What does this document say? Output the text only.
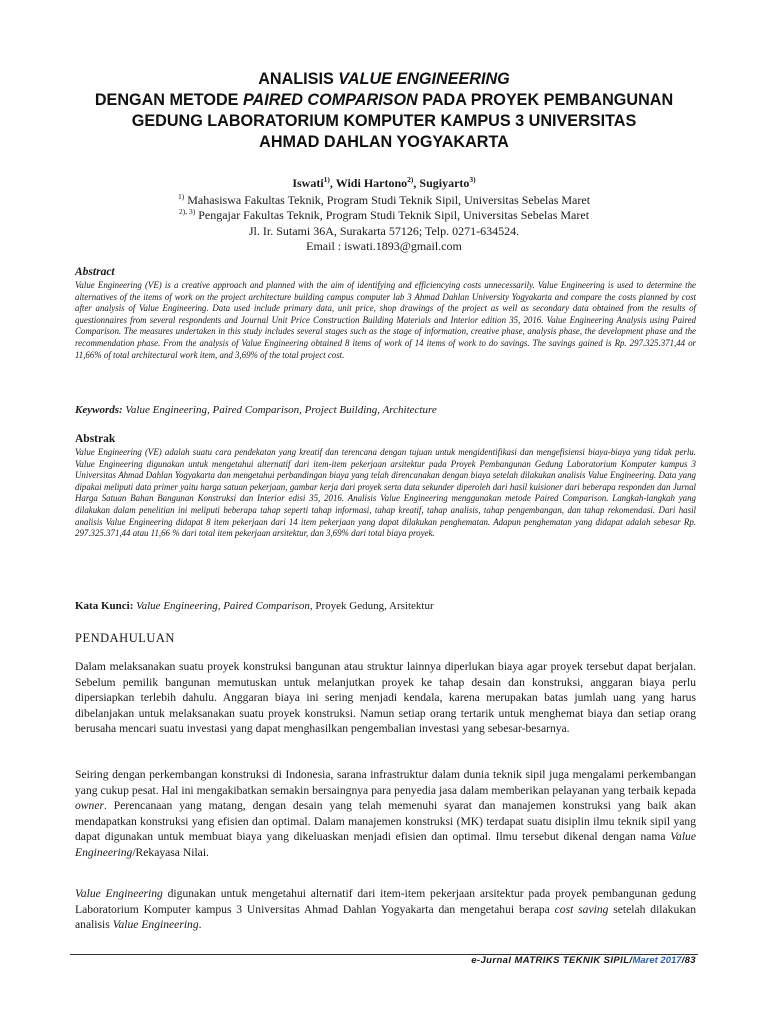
ANALISIS VALUE ENGINEERING
DENGAN METODE PAIRED COMPARISON PADA PROYEK PEMBANGUNAN
GEDUNG LABORATORIUM KOMPUTER KAMPUS 3 UNIVERSITAS
AHMAD DAHLAN YOGYAKARTA
Iswati$^{1)}$, Widi Hartono$^{2)}$, Sugiyarto$^{3)}$
$^{1)}$ Mahasiswa Fakultas Teknik, Program Studi Teknik Sipil, Universitas Sebelas Maret
$^{2), 3)}$ Pengajar Fakultas Teknik, Program Studi Teknik Sipil, Universitas Sebelas Maret
Jl. Ir. Sutami 36A, Surakarta 57126; Telp. 0271-634524.
Email : iswati.1893@gmail.com
Abstract
Value Engineering (VE) is a creative approach and planned with the aim of identifying and efficiencying costs unnecessarily. Value Engineering is used to determine the alternatives of the items of work on the project architecture building campus computer lab 3 Ahmad Dahlan University Yogyakarta and compare the costs planned by cost after analysis of Value Engineering. Data used include primary data, unit price, shop drawings of the project as well as secondary data obtained from the results of questionnaires from several respondents and Journal Unit Price Construction Building Materials and Interior edition 35, 2016. Value Engineering Analysis using Paired Comparison. The measures undertaken in this study includes several stages such as the stage of information, creative phase, analysis phase, the development phase and the recommendation phase. From the analysis of Value Engineering obtained 8 items of work of 14 items of work to do savings. The savings gained is Rp. 297.325.371,44 or 11,66% of total architectural work item, and 3,69% of the total project cost.
Keywords: Value Engineering, Paired Comparison, Project Building, Architecture
Abstrak
Value Engineering (VE) adalah suatu cara pendekatan yang kreatif dan terencana dengan tujuan untuk mengidentifikasi dan mengefisiensi biaya-biaya yang tidak perlu. Value Engineering digunakan untuk mengetahui alternatif dari item-item pekerjaan arsitektur pada Proyek Pembangunan Gedung Laboratorium Komputer kampus 3 Universitas Ahmad Dahlan Yogyakarta dan mengetahui perbandingan biaya yang telah direncanakan dengan biaya setelah dilakukan analisis Value Engineering. Data yang dipakai meliputi data primer yaitu harga satuan pekerjaan, gambar kerja dari proyek serta data sekunder diperoleh dari hasil kuisioner dari beberapa responden dan Jurnal Harga Satuan Bahan Bangunan Konstruksi dan Interior edisi 35, 2016. Analisis Value Engineering menggunakan metode Paired Comparison. Langkah-langkah yang dilakukan dalam penelitian ini meliputi beberapa tahap seperti tahap informasi, tahap kreatif, tahap analisis, tahap pengembangan, dan tahap rekomendasi. Dari hasil analisis Value Engineering didapat 8 item pekerjaan dari 14 item pekerjaan yang dapat dilakukan penghematan. Adapun penghematan yang didapat adalah sebesar Rp. 297.325.371,44 atau 11,66 % dari total item pekerjaan arsitektur, dan 3,69% dari total biaya proyek.
Kata Kunci: Value Engineering, Paired Comparison, Proyek Gedung, Arsitektur
PENDAHULUAN
Dalam melaksanakan suatu proyek konstruksi bangunan atau struktur lainnya diperlukan biaya agar proyek tersebut dapat berjalan. Sebelum pemilik bangunan memutuskan untuk melanjutkan proyek ke tahap desain dan konstruksi, anggaran biaya perlu dipersiapkan terlebih dahulu. Anggaran biaya ini sering menjadi kendala, karena merupakan batas jumlah uang yang harus dibelanjakan untuk melaksanakan suatu proyek konstruksi. Namun setiap orang tertarik untuk menghemat biaya dan setiap orang berusaha mencari suatu investasi yang dapat menghasilkan pengembalian investasi yang sebesar-besarnya.
Seiring dengan perkembangan konstruksi di Indonesia, sarana infrastruktur dalam dunia teknik sipil juga mengalami perkembangan yang cukup pesat. Hal ini mengakibatkan semakin bersaingnya para penyedia jasa dalam memberikan pelayanan yang terbaik kepada owner. Perencanaan yang matang, dengan desain yang telah memenuhi syarat dan manajemen konstruksi yang baik akan mendapatkan konstruksi yang efisien dan optimal. Dalam manajemen konstruksi (MK) terdapat suatu disiplin ilmu teknik sipil yang dapat digunakan untuk membuat biaya yang dikeluaskan menjadi efisien dan optimal. Ilmu tersebut dikenal dengan nama Value Engineering/Rekayasa Nilai.
Value Engineering digunakan untuk mengetahui alternatif dari item-item pekerjaan arsitektur pada proyek pembangunan gedung Laboratorium Komputer kampus 3 Universitas Ahmad Dahlan Yogyakarta dan mengetahui berapa cost saving setelah dilakukan analisis Value Engineering.
e-Jurnal MATRIKS TEKNIK SIPIL/Maret 2017/83
